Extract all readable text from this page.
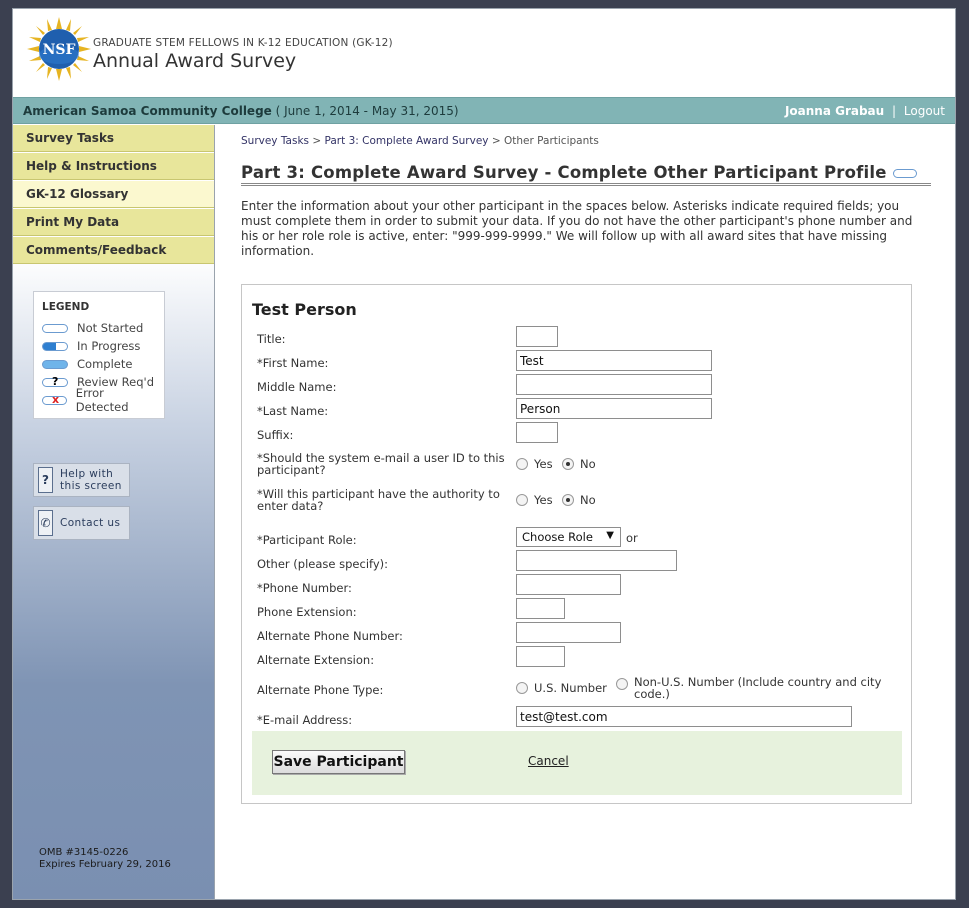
NSF GRADUATE STEM FELLOWS IN K-12 EDUCATION (GK-12)
Annual Award Survey
American Samoa Community College ( June 1, 2014 - May 31, 2015)	Joanna Grabau | Logout
Survey Tasks
Help & Instructions
GK-12 Glossary
Print My Data
Comments/Feedback
LEGEND
Not Started
In Progress
Complete
?
Review Req'd
x
Error Detected
?	Help with
this screen
✆ Contact us
OMB #3145-0226
Expires February 29, 2016
Survey Tasks > Part 3: Complete Award Survey > Other Participants
Part 3: Complete Award Survey - Complete Other Participant Profile
Enter the information about your other participant in the spaces below. Asterisks indicate required fields; you must complete them in order to submit your data. If you do not have the other participant's phone number and his or her role role is active, enter: "999-999-9999." We will follow up with all award sites that have missing information.
Test Person
Title:
*First Name:
Test
Middle Name:
*Last Name:
Person
Suffix:
*Should the system e-mail a user ID to this participant?	Yes	No
*Will this participant have the authority to enter data?	Yes	No
*Participant Role:	Choose Role ▼ or
Other (please specify):
*Phone Number:
Phone Extension:
Alternate Phone Number:
Alternate Extension:
Alternate Phone Type:	U.S. Number Non-U.S. Number (Include country and city code.)
*E-mail Address:
test@test.com
Save Participant	Cancel
